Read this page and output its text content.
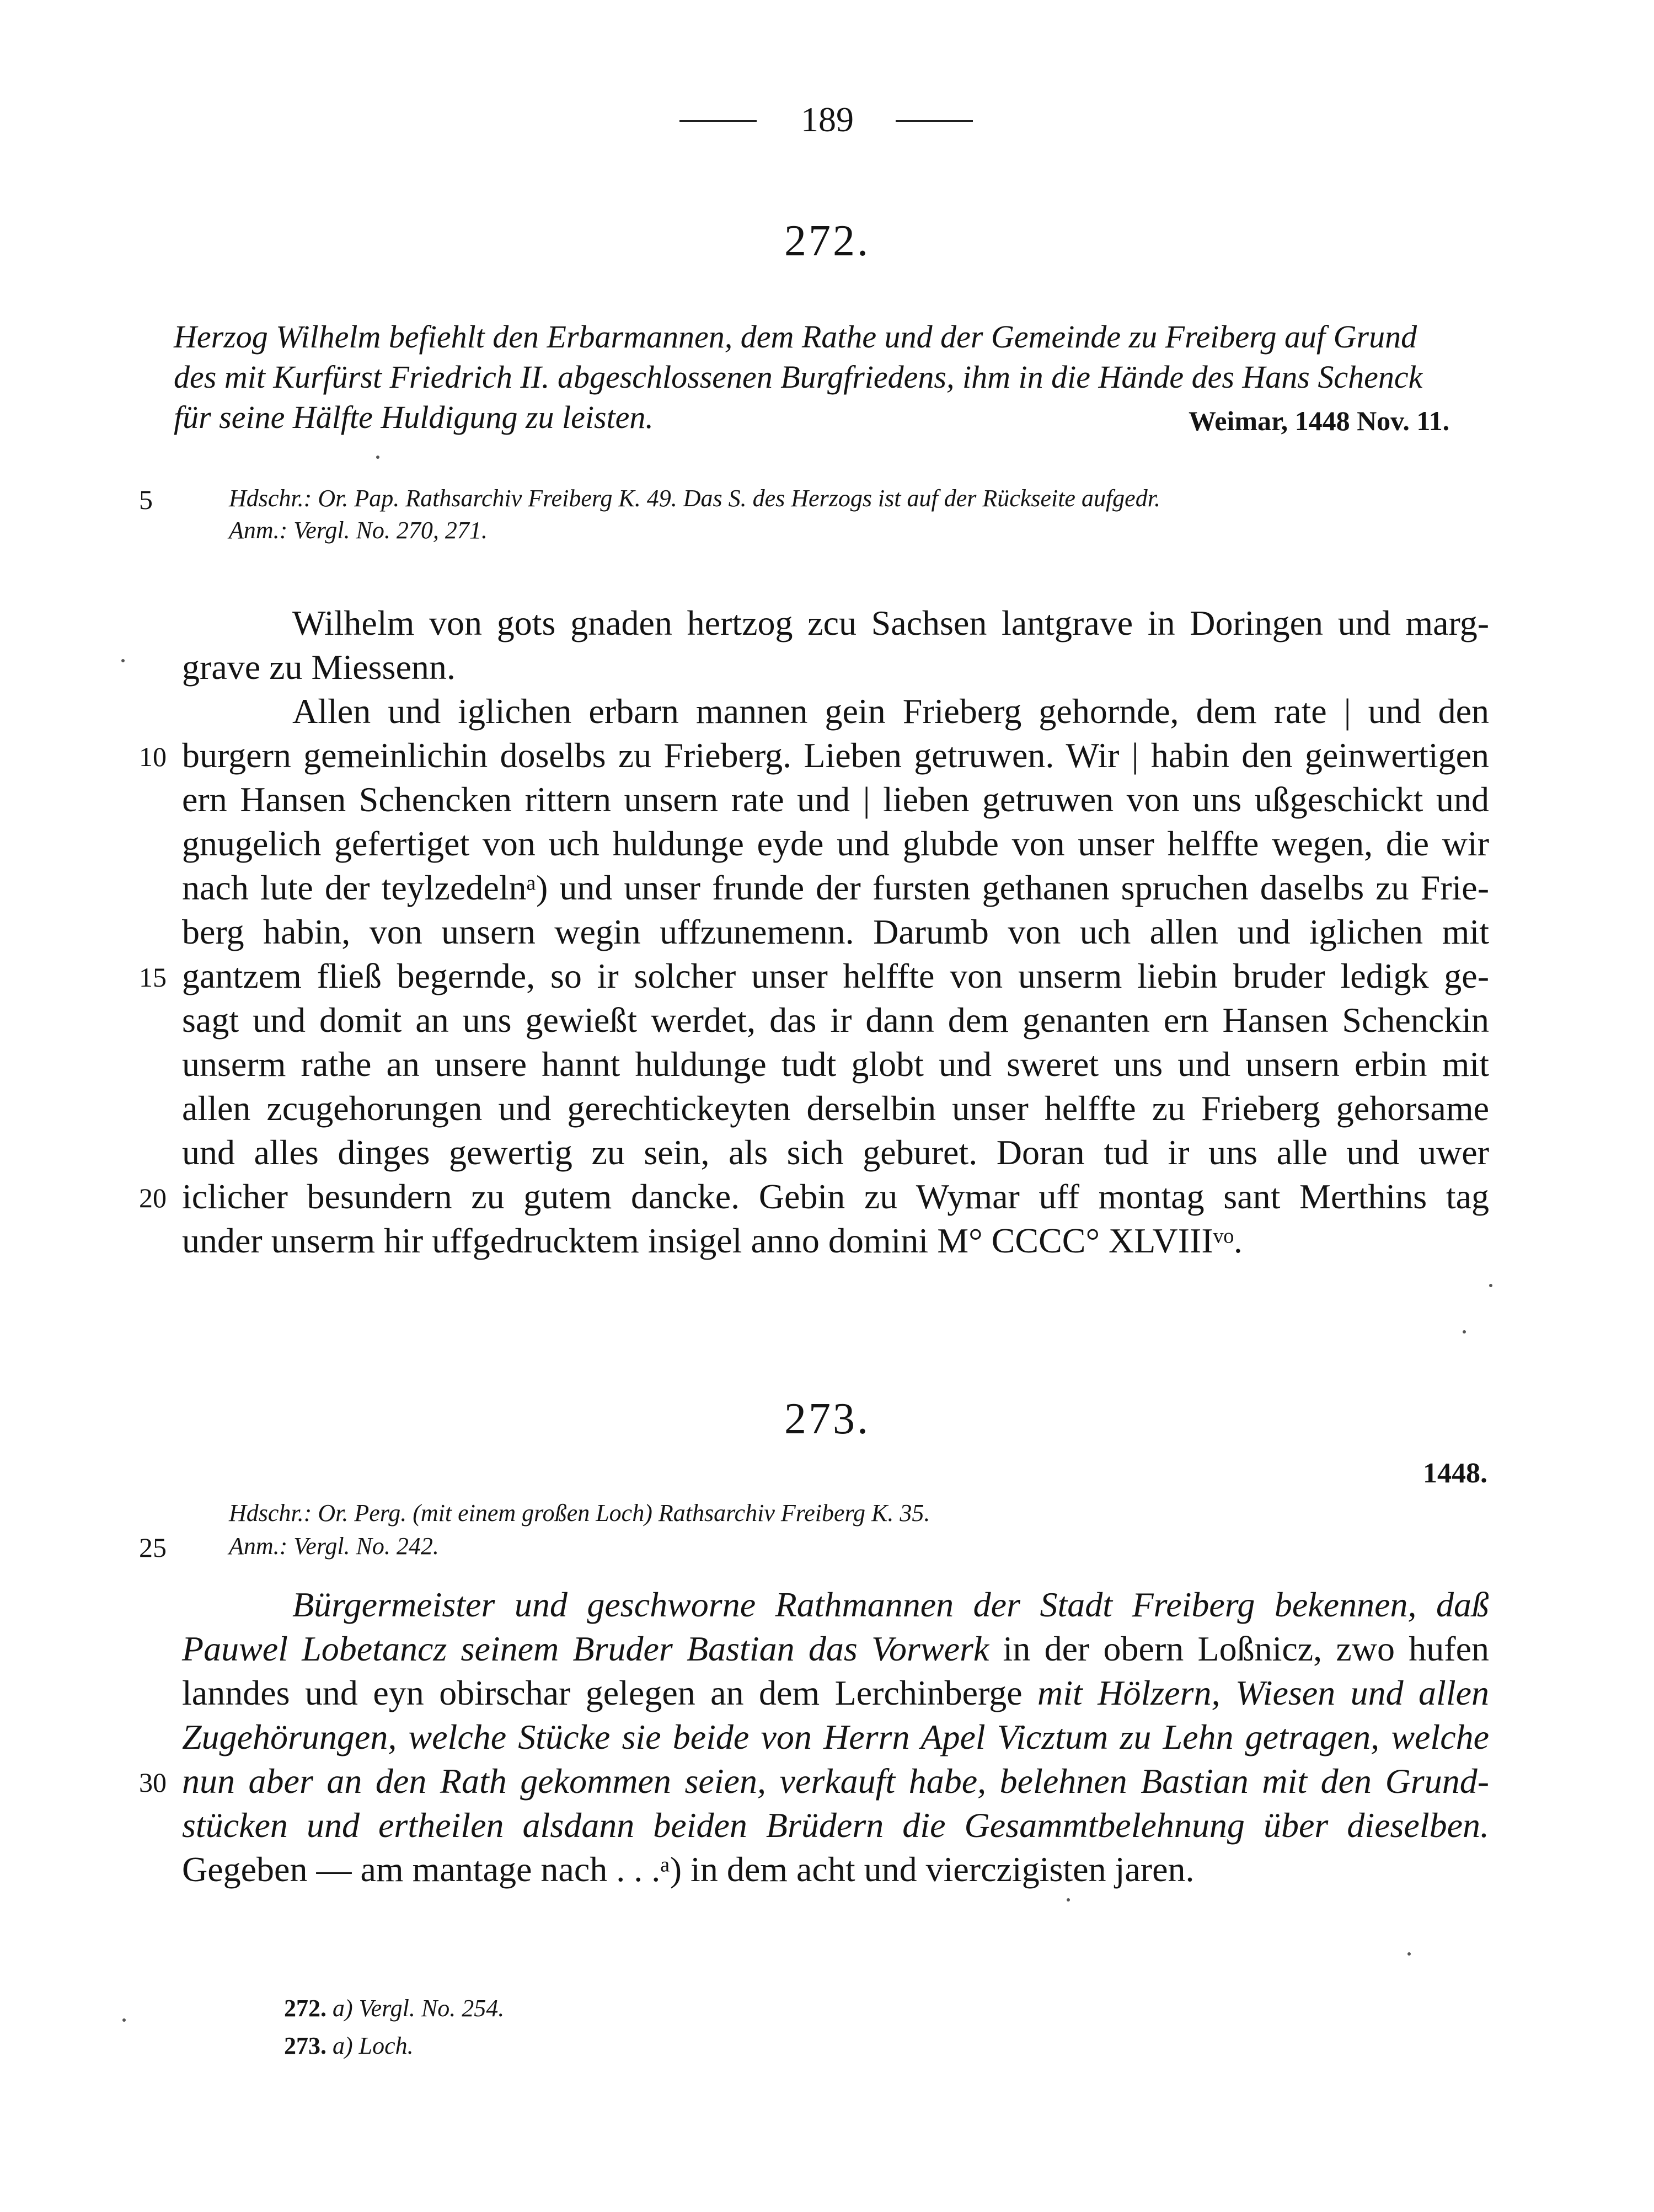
189
272.
Herzog Wilhelm befiehlt den Erbarmannen, dem Rathe und der Gemeinde zu Freiberg auf Grund
des mit Kurfürst Friedrich II. abgeschlossenen Burgfriedens, ihm in die Hände des Hans Schenck
für seine Hälfte Huldigung zu leisten.	Weimar, 1448 Nov. 11.
5	Hdschr.: Or. Pap. Rathsarchiv Freiberg K. 49. Das S. des Herzogs ist auf der Rückseite aufgedr.
Anm.: Vergl. No. 270, 271.
Wilhelm von gots gnaden hertzog zcu Sachsen lantgrave in Doringen und marg-
grave zu Miessenn.
Allen und iglichen erbarn mannen gein Frieberg gehornde, dem rate | und den
10 burgern gemeinlichin doselbs zu Frieberg. Lieben getruwen. Wir | habin den geinwertigen
ern Hansen Schencken rittern unsern rate und | lieben getruwen von uns ußgeschickt und
gnugelich gefertiget von uch huldunge eyde und glubde von unser helffte wegen, die wir
nach lute der teylzedelnᵃ) und unser frunde der fursten gethanen spruchen daselbs zu Frie-
berg habin, von unsern wegin uffzunemenn. Darumb von uch allen und iglichen mit
15 gantzem fließ begernde, so ir solcher unser helffte von unserm liebin bruder ledigk ge-
sagt und domit an uns gewießt werdet, das ir dann dem genanten ern Hansen Schenckin
unserm rathe an unsere hannt huldunge tudt globt und sweret uns und unsern erbin mit
allen zcugehorungen und gerechtickeyten derselbin unser helffte zu Frieberg gehorsame
und alles dinges gewertig zu sein, als sich geburet. Doran tud ir uns alle und uwer
20 iclicher besundern zu gutem dancke. Gebin zu Wymar uff montag sant Merthins tag
under unserm hir uffgedrucktem insigel anno domini M° CCCC° XLVIIIᵛᵒ.
273.
1448.
Hdschr.: Or. Perg. (mit einem großen Loch) Rathsarchiv Freiberg K. 35.
25	Anm.: Vergl. No. 242.
Bürgermeister und geschworne Rathmannen der Stadt Freiberg bekennen, daß
Pauwel Lobetancz seinem Bruder Bastian das Vorwerk in der obern Loßnicz, zwo hufen
lanndes und eyn obirschar gelegen an dem Lerchinberge mit Hölzern, Wiesen und allen
Zugehörungen, welche Stücke sie beide von Herrn Apel Vicztum zu Lehn getragen, welche
30 nun aber an den Rath gekommen seien, verkauft habe, belehnen Bastian mit den Grund-
stücken und ertheilen alsdann beiden Brüdern die Gesammtbelehnung über dieselben.
Gegeben — am mantage nach . . .ᵃ) in dem acht und vierczigisten jaren.
272. a) Vergl. No. 254.
273. a) Loch.
